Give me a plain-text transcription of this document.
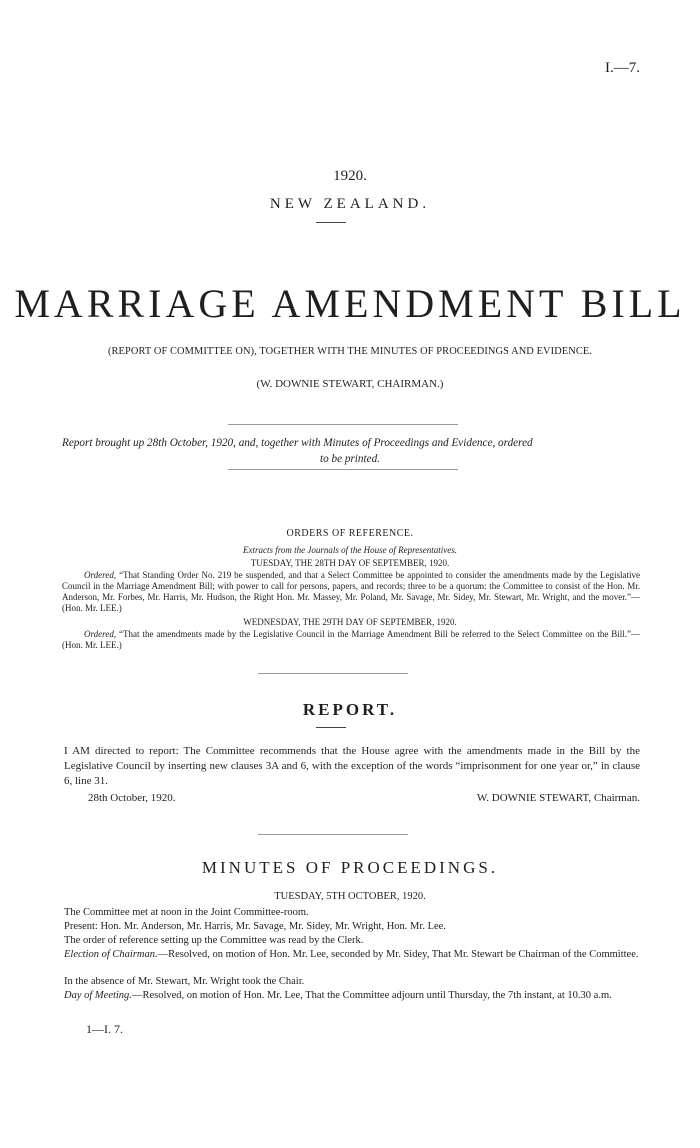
I.—7.
1920.
NEW ZEALAND.
MARRIAGE AMENDMENT BILL
(REPORT OF COMMITTEE ON), TOGETHER WITH THE MINUTES OF PROCEEDINGS AND EVIDENCE.
(W. DOWNIE STEWART, CHAIRMAN.)
Report brought up 28th October, 1920, and, together with Minutes of Proceedings and Evidence, ordered
to be printed.
ORDERS OF REFERENCE.
Extracts from the Journals of the House of Representatives.
TUESDAY, THE 28TH DAY OF SEPTEMBER, 1920.
Ordered, “That Standing Order No. 219 be suspended, and that a Select Committee be appointed to consider the amendments made by the Legislative Council in the Marriage Amendment Bill; with power to call for persons, papers, and records; three to be a quorum: the Committee to consist of the Hon. Mr. Anderson, Mr. Forbes, Mr. Harris, Mr. Hudson, the Right Hon. Mr. Massey, Mr. Poland, Mr. Savage, Mr. Sidey, Mr. Stewart, Mr. Wright, and the mover.”—(Hon. Mr. LEE.)
WEDNESDAY, THE 29TH DAY OF SEPTEMBER, 1920.
Ordered, “That the amendments made by the Legislative Council in the Marriage Amendment Bill be referred to the Select Committee on the Bill.”—(Hon. Mr. LEE.)
REPORT.
I AM directed to report: The Committee recommends that the House agree with the amendments made in the Bill by the Legislative Council by inserting new clauses 3A and 6, with the exception of the words “imprisonment for one year or,” in clause 6, line 31.
28th October, 1920.	W. DOWNIE STEWART, Chairman.
MINUTES OF PROCEEDINGS.
TUESDAY, 5TH OCTOBER, 1920.
The Committee met at noon in the Joint Committee-room.
Present: Hon. Mr. Anderson, Mr. Harris, Mr. Savage, Mr. Sidey, Mr. Wright, Hon. Mr. Lee.
The order of reference setting up the Committee was read by the Clerk.
Election of Chairman.—Resolved, on motion of Hon. Mr. Lee, seconded by Mr. Sidey, That Mr. Stewart be Chairman of the Committee.
In the absence of Mr. Stewart, Mr. Wright took the Chair.
Day of Meeting.—Resolved, on motion of Hon. Mr. Lee, That the Committee adjourn until Thursday, the 7th instant, at 10.30 a.m.
1—I. 7.
